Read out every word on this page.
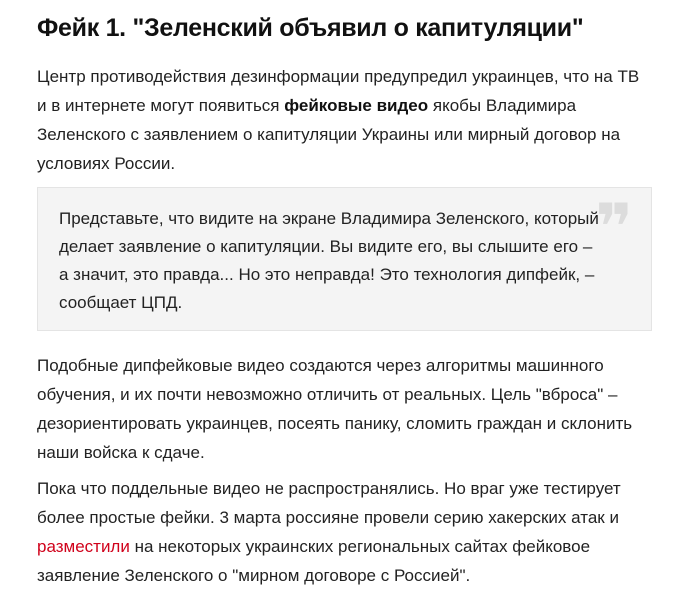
Фейк 1. "Зеленский объявил о капитуляции"

Центр противодействия дезинформации предупредил украинцев, что на ТВ и в интернете могут появиться фейковые видео якобы Владимира Зеленского с заявлением о капитуляции Украины или мирный договор на условиях России.

Представьте, что видите на экране Владимира Зеленского, который делает заявление о капитуляции. Вы видите его, вы слышите его – а значит, это правда... Но это неправда! Это технология дипфейк, – сообщает ЦПД.

❞

Подобные дипфейковые видео создаются через алгоритмы машинного обучения, и их почти невозможно отличить от реальных. Цель "вброса" – дезориентировать украинцев, посеять панику, сломить граждан и склонить наши войска к сдаче.

Пока что поддельные видео не распространялись. Но враг уже тестирует более простые фейки. 3 марта россияне провели серию хакерских атак и разместили на некоторых украинских региональных сайтах фейковое заявление Зеленского о "мирном договоре с Россией".
